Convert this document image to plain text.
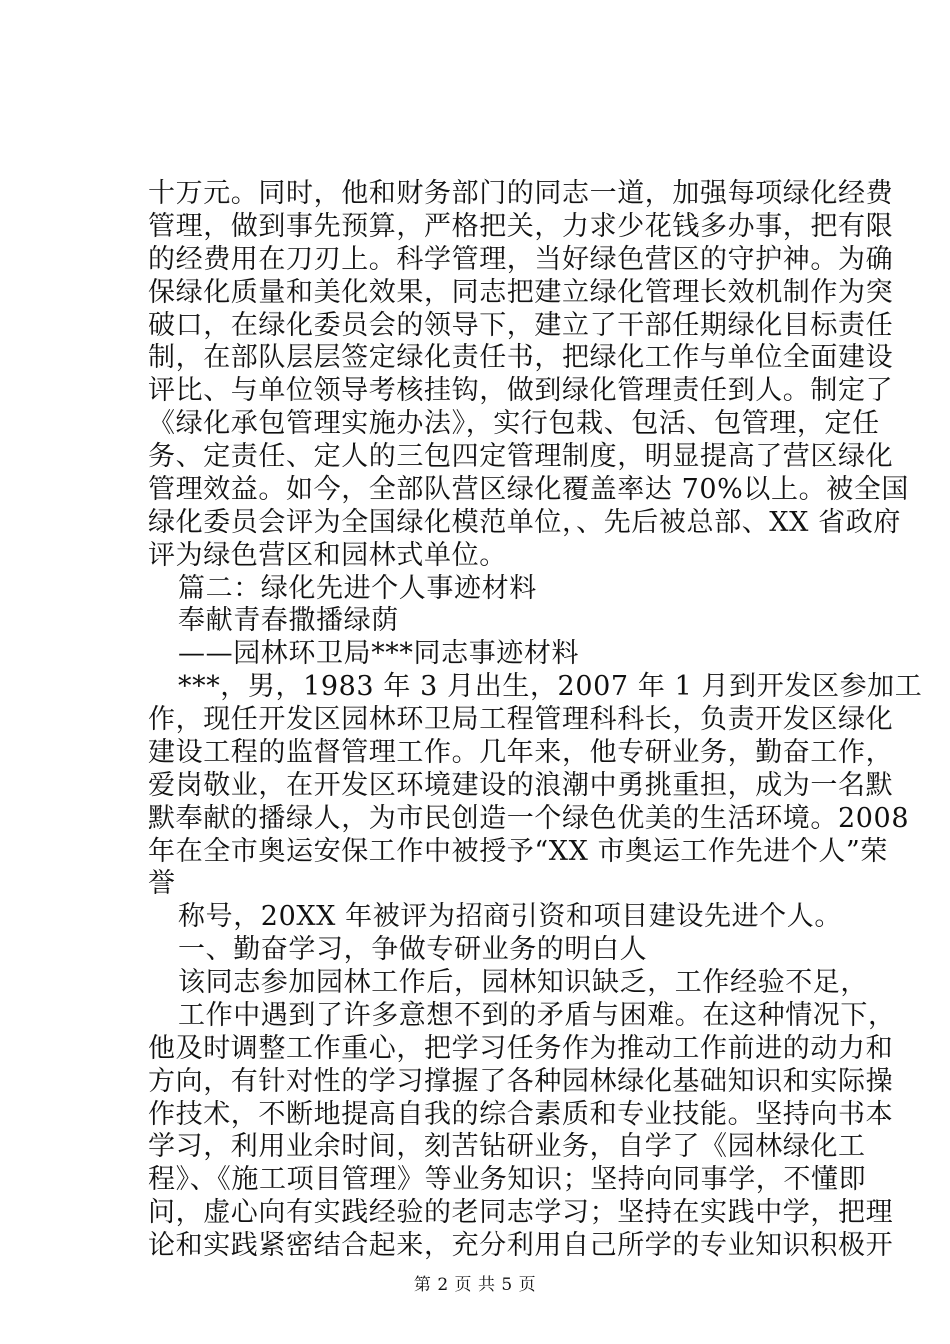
十万元。同时，他和财务部门的同志一道，加强每项绿化经费
管理，做到事先预算，严格把关，力求少花钱多办事，把有限
的经费用在刀刃上。科学管理，当好绿色营区的守护神。为确
保绿化质量和美化效果，同志把建立绿化管理长效机制作为突
破口，在绿化委员会的领导下，建立了干部任期绿化目标责任
制，在部队层层签定绿化责任书，把绿化工作与单位全面建设
评比、与单位领导考核挂钩，做到绿化管理责任到人。制定了
《绿化承包管理实施办法》，实行包栽、包活、包管理，定任
务、定责任、定人的三包四定管理制度，明显提高了营区绿化
管理效益。如今，全部队营区绿化覆盖率达 70%以上。被全国
绿化委员会评为全国绿化模范单位，、先后被总部、XX 省政府
评为绿色营区和园林式单位。
篇二：绿化先进个人事迹材料
奉献青春撒播绿荫
——园林环卫局***同志事迹材料
***，男，1983 年 3 月出生，2007 年 1 月到开发区参加工
作，现任开发区园林环卫局工程管理科科长，负责开发区绿化
建设工程的监督管理工作。几年来，他专研业务，勤奋工作，
爱岗敬业，在开发区环境建设的浪潮中勇挑重担，成为一名默
默奉献的播绿人，为市民创造一个绿色优美的生活环境。2008
年在全市奥运安保工作中被授予“XX 市奥运工作先进个人”荣
誉
称号，20XX 年被评为招商引资和项目建设先进个人。
一、勤奋学习，争做专研业务的明白人
该同志参加园林工作后，园林知识缺乏，工作经验不足，
工作中遇到了许多意想不到的矛盾与困难。在这种情况下，
他及时调整工作重心，把学习任务作为推动工作前进的动力和
方向，有针对性的学习撑握了各种园林绿化基础知识和实际操
作技术，不断地提高自我的综合素质和专业技能。坚持向书本
学习，利用业余时间，刻苦钻研业务，自学了《园林绿化工
程》、《施工项目管理》等业务知识；坚持向同事学，不懂即
问，虚心向有实践经验的老同志学习；坚持在实践中学，把理
论和实践紧密结合起来，充分利用自己所学的专业知识积极开
第 2 页 共 5 页
